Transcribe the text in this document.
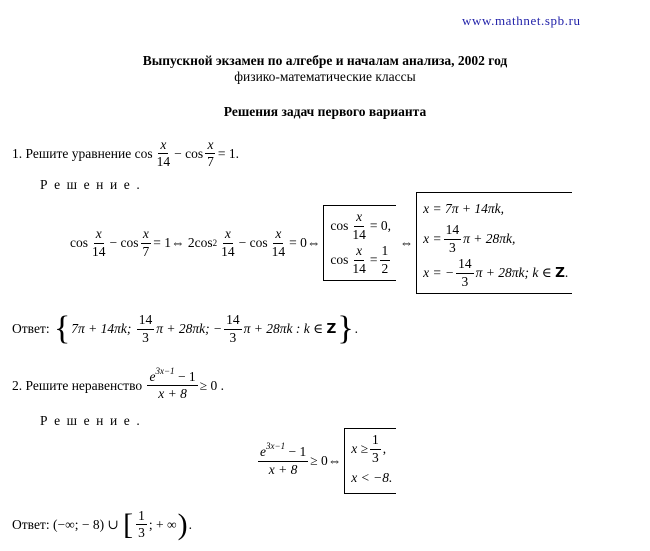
www.mathnet.spb.ru
Выпускной экзамен по алгебре и началам анализа, 2002 год
физико-математические классы
Решения задач первого варианта
1. Решите уравнение
$\cos \frac{x}{14}$ −
$\cos \frac{x}{7} = 1$ .
Р е ш е н и е .
$\cos \frac{x}{14}$ −
$\cos \frac{x}{7} = 1$ ⇔
2 $\cos 2 \frac{x}{14}$ −
$\cos \frac{x}{14} = 0$ ⇔
$\cos \frac{x}{14} = 0$,
$\cos \frac{x}{14} = \frac{1}{2}$

⇔
x = 7π + 14πk,
$x = \frac{14}{3}$ π + 28πk,
x = − $\frac{14}{3}$ π + 28πk; k ∈
Z .
Ответ:
{ 7π + 14πk;
$\frac{14}{3}$ π + 28πk; − $\frac{14}{3}$ π + 28πk : k ∈
Z } .
2. Решите неравенство
$\frac{e^{3x-1} - 1}{x + 8} \ge 0$
.
Р е ш е н и е .
$\frac{e^{3x-1} - 1}{x + 8} \ge 0$ ⇔
$x \ge \frac{1}{3}$ ,
x < −8.
Ответ:
(−∞; − 8) ∪
[ $\frac{1}{3}$ ; + ∞ ) .
